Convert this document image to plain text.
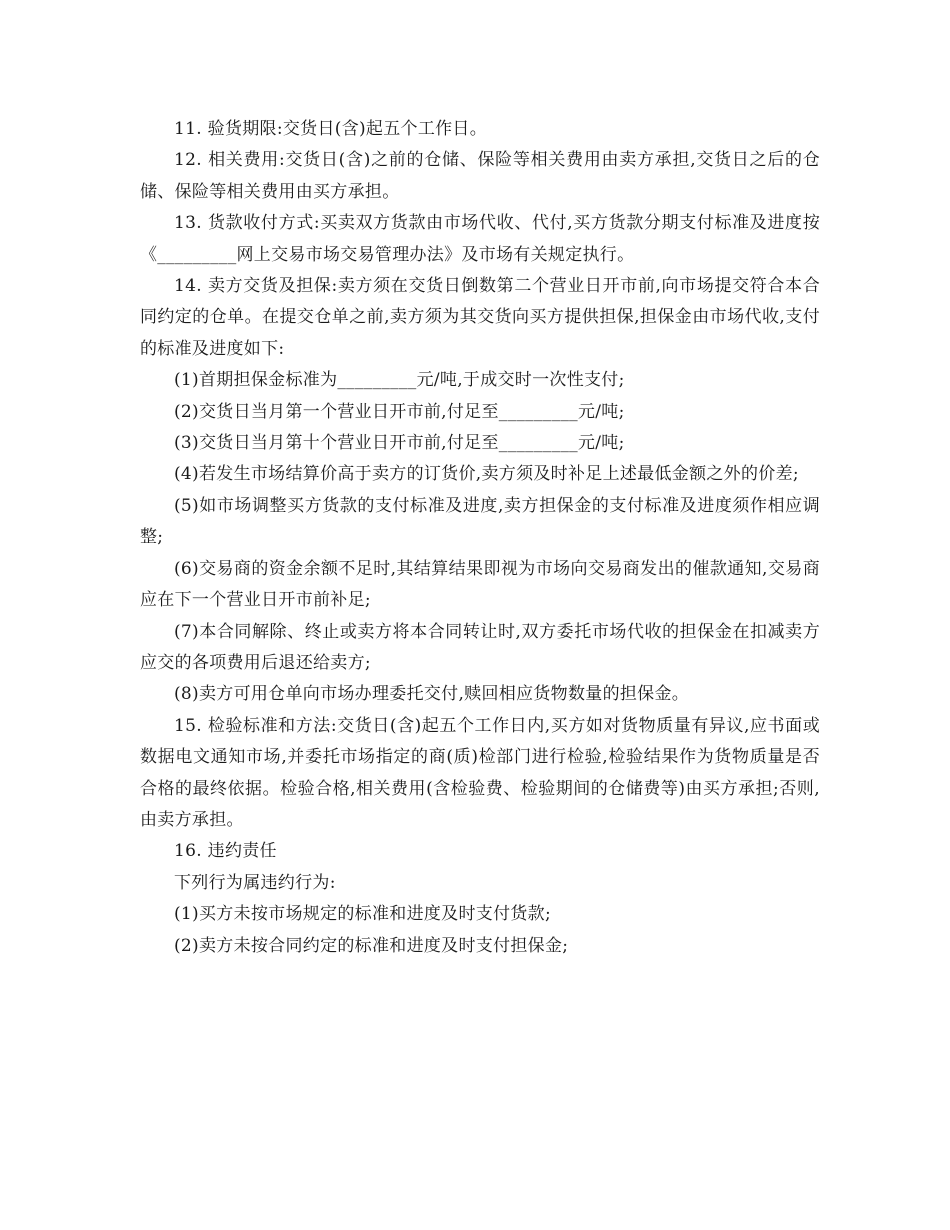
11. 验货期限:交货日(含)起五个工作日。

12. 相关费用:交货日(含)之前的仓储、保险等相关费用由卖方承担,交货日之后的仓储、保险等相关费用由买方承担。

13. 货款收付方式:买卖双方货款由市场代收、代付,买方货款分期支付标准及进度按《_________网上交易市场交易管理办法》及市场有关规定执行。

14. 卖方交货及担保:卖方须在交货日倒数第二个营业日开市前,向市场提交符合本合同约定的仓单。在提交仓单之前,卖方须为其交货向买方提供担保,担保金由市场代收,支付的标准及进度如下:

(1)首期担保金标准为_________元/吨,于成交时一次性支付;

(2)交货日当月第一个营业日开市前,付足至_________元/吨;

(3)交货日当月第十个营业日开市前,付足至_________元/吨;

(4)若发生市场结算价高于卖方的订货价,卖方须及时补足上述最低金额之外的价差;

(5)如市场调整买方货款的支付标准及进度,卖方担保金的支付标准及进度须作相应调整;

(6)交易商的资金余额不足时,其结算结果即视为市场向交易商发出的催款通知,交易商应在下一个营业日开市前补足;

(7)本合同解除、终止或卖方将本合同转让时,双方委托市场代收的担保金在扣减卖方应交的各项费用后退还给卖方;

(8)卖方可用仓单向市场办理委托交付,赎回相应货物数量的担保金。

15. 检验标准和方法:交货日(含)起五个工作日内,买方如对货物质量有异议,应书面或数据电文通知市场,并委托市场指定的商(质)检部门进行检验,检验结果作为货物质量是否合格的最终依据。检验合格,相关费用(含检验费、检验期间的仓储费等)由买方承担;否则,由卖方承担。

16. 违约责任

下列行为属违约行为:

(1)买方未按市场规定的标准和进度及时支付货款;

(2)卖方未按合同约定的标准和进度及时支付担保金;
